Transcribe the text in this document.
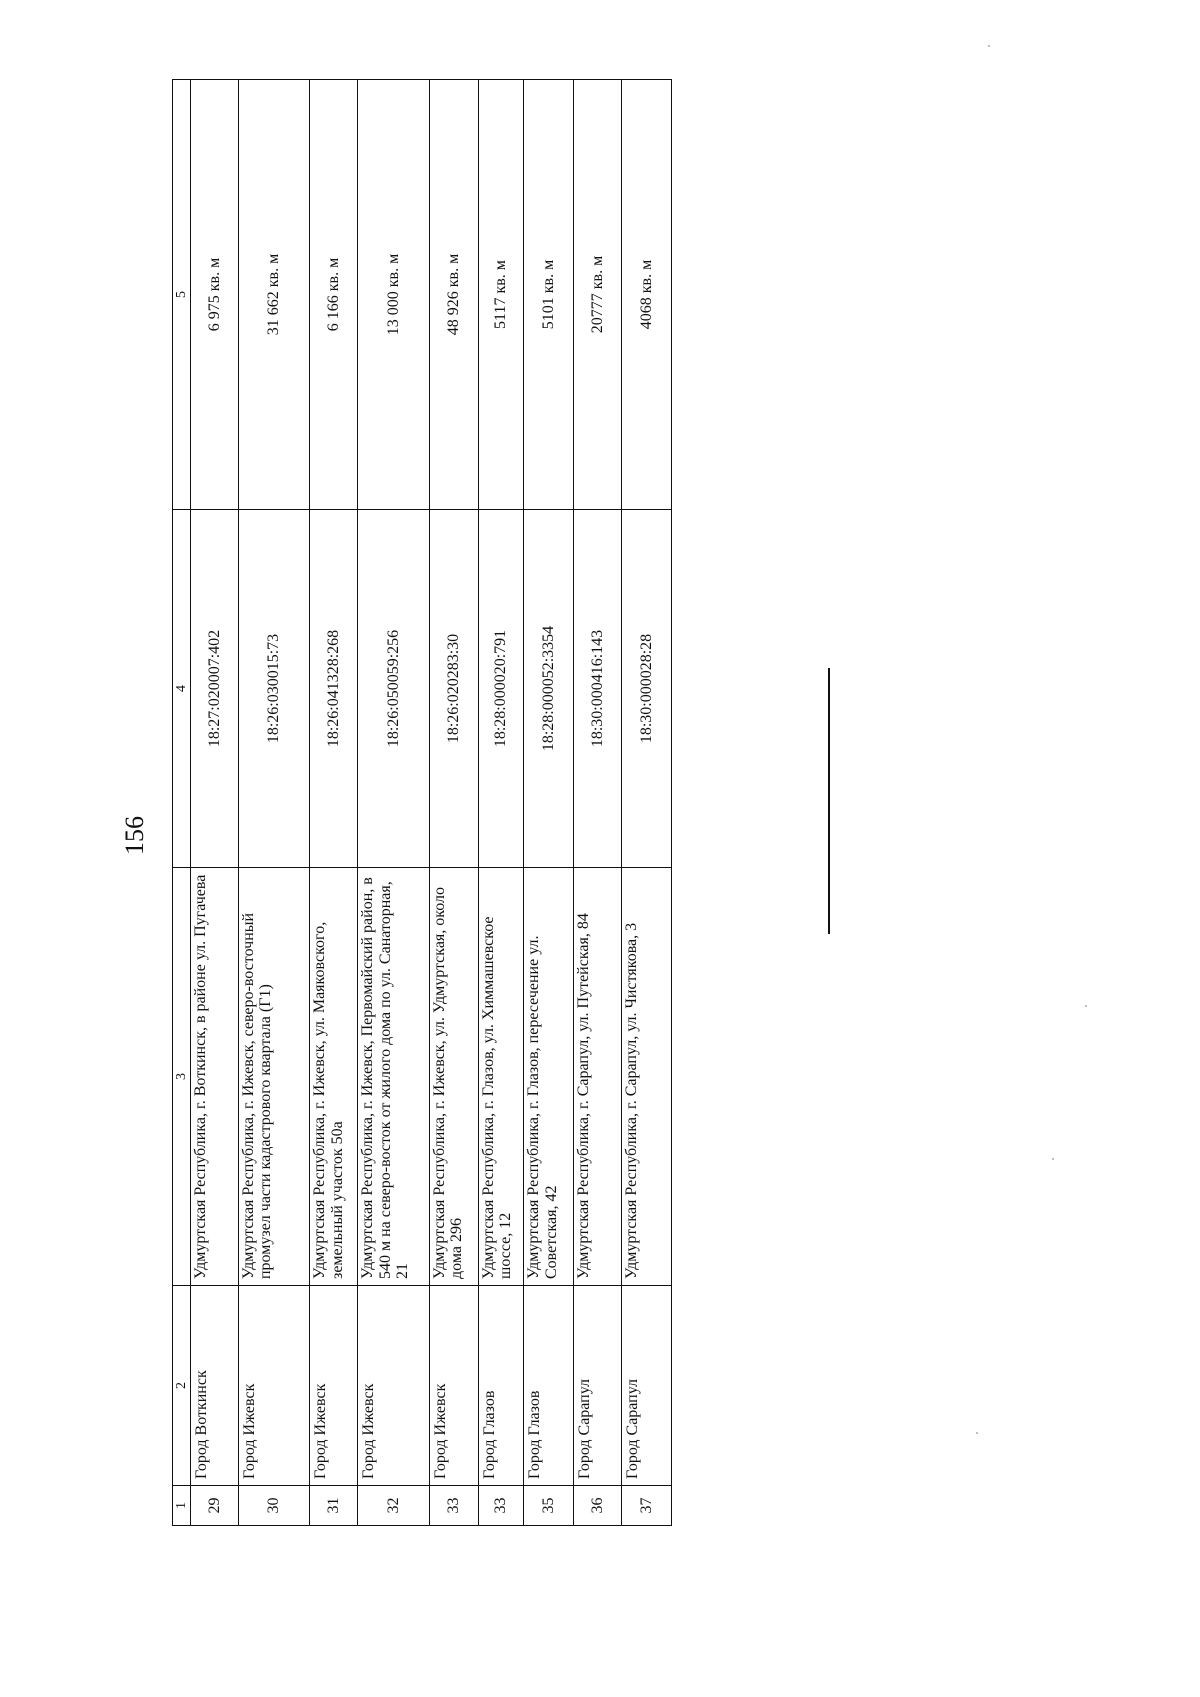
156
1	2	3	4	5
29	Город Воткинск	Удмуртская Республика, г. Воткинск, в районе ул. Пугачева	18:27:020007:402	6 975 кв. м
30	Город Ижевск	Удмуртская Республика, г. Ижевск, северо-восточный промузел части кадастрового квартала (Г1)	18:26:030015:73	31 662 кв. м
31	Город Ижевск	Удмуртская Республика, г. Ижевск, ул. Маяковского, земельный участок 50а	18:26:041328:268	6 166 кв. м
32	Город Ижевск	Удмуртская Республика, г. Ижевск, Первомайский район, в 540 м на северо-восток от жилого дома по ул. Санаторная, 21	18:26:050059:256	13 000 кв. м
33	Город Ижевск	Удмуртская Республика, г. Ижевск, ул. Удмуртская, около дома 296	18:26:020283:30	48 926 кв. м
33	Город Глазов	Удмуртская Республика, г. Глазов, ул. Химмашевское шоссе, 12	18:28:000020:791	5117 кв. м
35	Город Глазов	Удмуртская Республика, г. Глазов, пересечение ул. Советская, 42	18:28:000052:3354	5101 кв. м
36	Город Сарапул	Удмуртская Республика, г. Сарапул, ул. Путейская, 84	18:30:000416:143	20777 кв. м
37	Город Сарапул	Удмуртская Республика, г. Сарапул, ул. Чистякова, 3	18:30:000028:28	4068 кв. м
